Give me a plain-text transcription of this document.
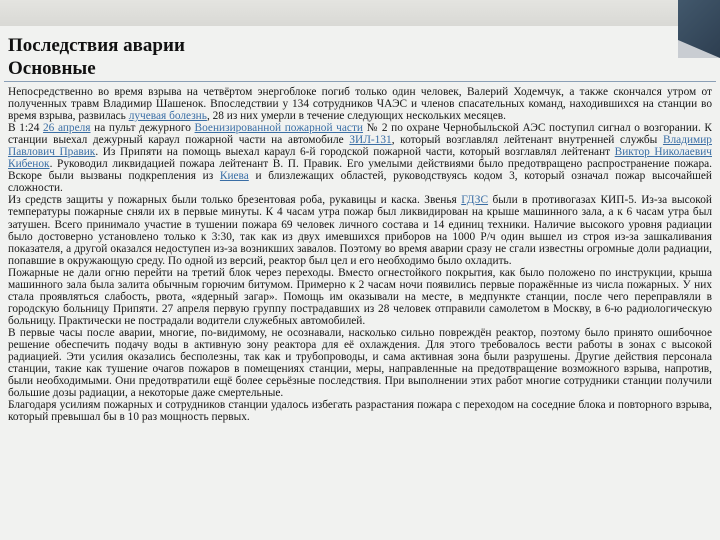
Последствия аварии
Основные

Непосредственно во время взрыва на четвёртом энергоблоке погиб только один человек, Валерий Ходемчук, а также скончался утром от полученных травм Владимир Шашенок. Впоследствии у 134 сотрудников ЧАЭС и членов спасательных команд, находившихся на станции во время взрыва, развилась лучевая болезнь, 28 из них умерли в течение следующих нескольких месяцев.

В 1:24 26 апреля на пульт дежурного Военизированной пожарной части № 2 по охране Чернобыльской АЭС поступил сигнал о возгорании. К станции выехал дежурный караул пожарной части на автомобиле ЗИЛ-131, который возглавлял лейтенант внутренней службы Владимир Павлович Правик. Из Припяти на помощь выехал караул 6-й городской пожарной части, который возглавлял лейтенант Виктор Николаевич Кибенок. Руководил ликвидацией пожара лейтенант В. П. Правик. Его умелыми действиями было предотвращено распространение пожара. Вскоре были вызваны подкрепления из Киева и близлежащих областей, руководствуясь кодом 3, который означал пожар высочайшей сложности.

Из средств защиты у пожарных были только брезентовая роба, рукавицы и каска. Звенья ГДЗС были в противогазах КИП-5. Из-за высокой температуры пожарные сняли их в первые минуты. К 4 часам утра пожар был ликвидирован на крыше машинного зала, а к 6 часам утра был затушен. Всего принимало участие в тушении пожара 69 человек личного состава и 14 единиц техники. Наличие высокого уровня радиации было достоверно установлено только к 3:30, так как из двух имевшихся приборов на 1000 Р/ч один вышел из строя из-за зашкаливания показателя, а другой оказался недоступен из-за возникших завалов. Поэтому во время аварии сразу не сгали известны огромные доли радиации, попавшие в окружающую среду. По одной из версий, реактор был цел и его необходимо было охладить.

Пожарные не дали огню перейти на третий блок через переходы. Вместо огнестойкого покрытия, как было положено по инструкции, крыша машинного зала была залита обычным горючим битумом. Примерно к 2 часам ночи появились первые поражённые из числа пожарных. У них стала проявляться слабость, рвота, «ядерный загар». Помощь им оказывали на месте, в медпункте станции, после чего переправляли в городскую больницу Припяти. 27 апреля первую группу пострадавших из 28 человек отправили самолетом в Москву, в 6-ю радиологическую больницу. Практически не пострадали водители служебных автомобилей.

В первые часы после аварии, многие, по-видимому, не осознавали, насколько сильно повреждён реактор, поэтому было принято ошибочное решение обеспечить подачу воды в активную зону реактора для её охлаждения. Для этого требовалось вести работы в зонах с высокой радиацией. Эти усилия оказались бесполезны, так как и трубопроводы, и сама активная зона были разрушены. Другие действия персонала станции, такие как тушение очагов пожаров в помещениях станции, меры, направленные на предотвращение возможного взрыва, напротив, были необходимыми. Они предотвратили ещё более серьёзные последствия. При выполнении этих работ многие сотрудники станции получили большие дозы радиации, а некоторые даже смертельные.

Благодаря усилиям пожарных и сотрудников станции удалось избегать разрастания пожара с переходом на соседние блока и повторного взрыва, который превышал бы в 10 раз мощность первых.
